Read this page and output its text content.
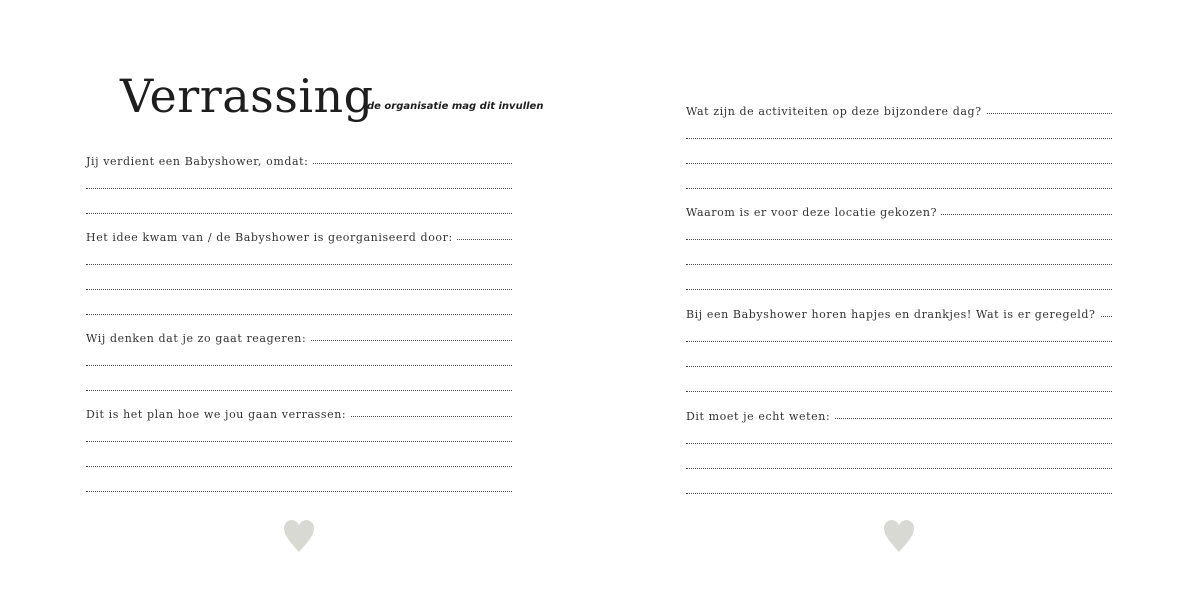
Verrassing
de organisatie mag dit invullen
Jij verdient een Babyshower, omdat:
Het idee kwam van / de Babyshower is georganiseerd door:
Wij denken dat je zo gaat reageren:
Dit is het plan hoe we jou gaan verrassen:
Wat zijn de activiteiten op deze bijzondere dag?
Waarom is er voor deze locatie gekozen?
Bij een Babyshower horen hapjes en drankjes! Wat is er geregeld?
Dit moet je echt weten:
